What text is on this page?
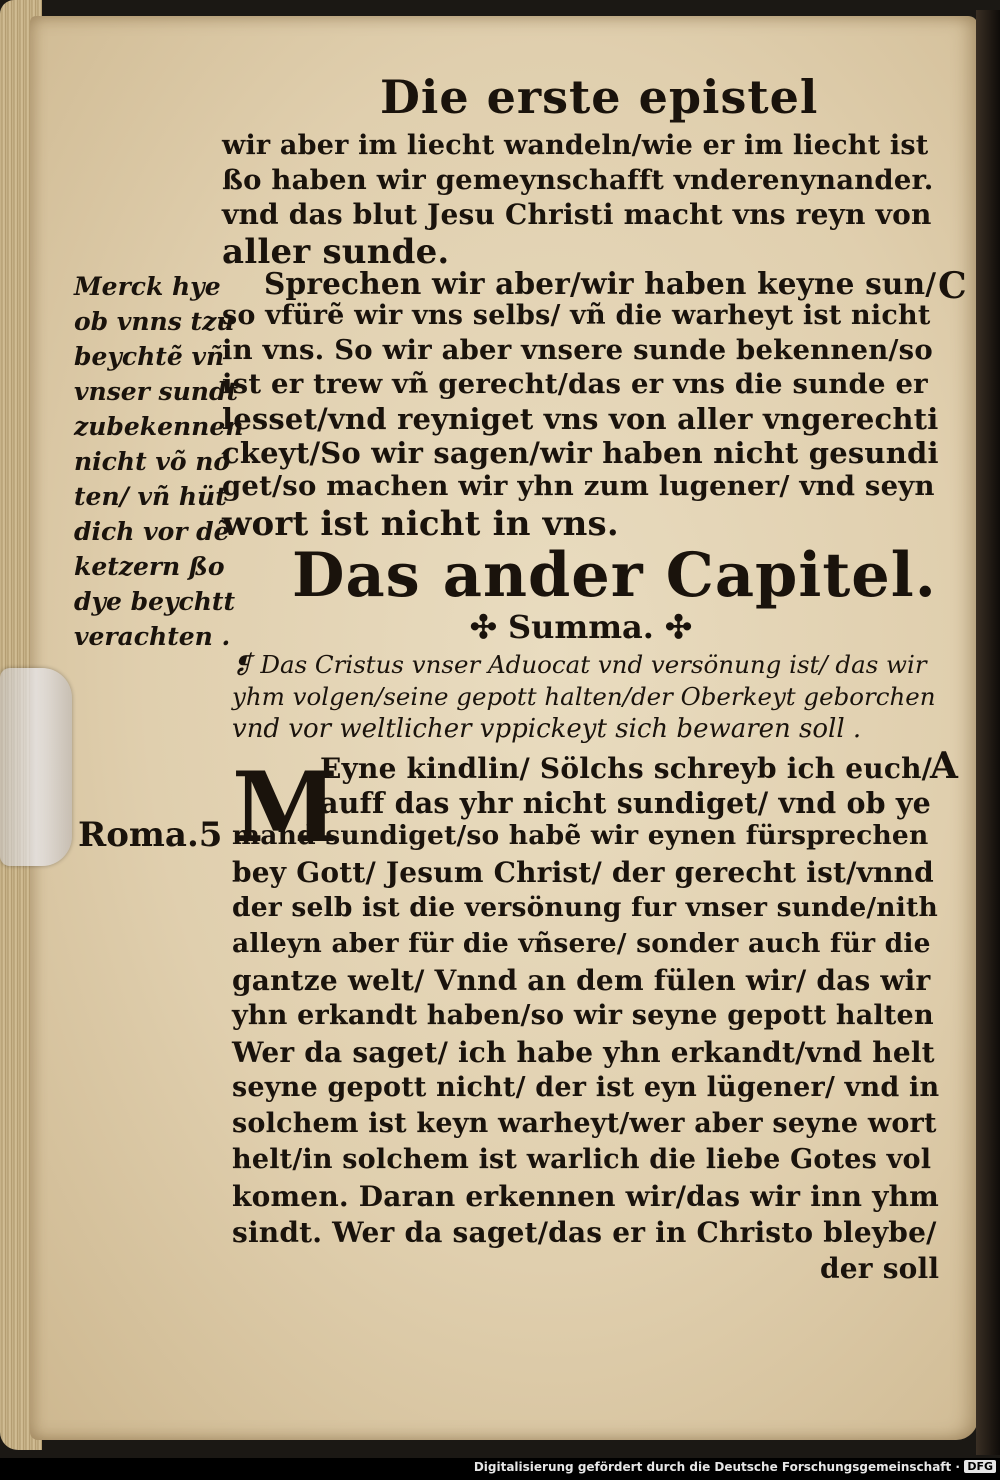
Die erste epistel
wir aber im liecht wandeln/wie er im liecht ist
ßo haben wir gemeynschafft vnderenynander.
vnd das blut Jesu Christi macht vns reyn von
aller sunde.
Sprechen wir aber/wir haben keyne sun/
so vfürẽ wir vns selbs/ vñ die warheyt ist nicht
in vns. So wir aber vnsere sunde bekennen/so
ist er trew vñ gerecht/das er vns die sunde er
lesset/vnd reyniget vns von aller vngerechti
ckeyt/So wir sagen/wir haben nicht gesundi
get/so machen wir yhn zum lugener/ vnd seyn
wort ist nicht in vns.
Merck hye
ob vnns tzu
beychtẽ vñ
vnser sundt
zubekennen
nicht võ nó
ten/ vñ hüt
dich vor dẽ
ketzern ßo
dye beychtt
verachten .
C
A
Das ander Capitel.
✣ Summa. ✣
❡ Das Cristus vnser Aduocat vnd versönung ist/ das wir
yhm volgen/seine gepott halten/der Oberkeyt geborchen
vnd vor weltlicher vppickeyt sich bewaren soll .
M
Eyne kindlin/ Sölchs schreyb ich euch/
auff das yhr nicht sundiget/ vnd ob ye
mand sundiget/so habẽ wir eynen fürsprechen
bey Gott/ Jesum Christ/ der gerecht ist/vnnd
der selb ist die versönung fur vnser sunde/nith
alleyn aber für die vñsere/ sonder auch für die
gantze welt/ Vnnd an dem fülen wir/ das wir
yhn erkandt haben/so wir seyne gepott halten
Wer da saget/ ich habe yhn erkandt/vnd helt
seyne gepott nicht/ der ist eyn lügener/ vnd in
solchem ist keyn warheyt/wer aber seyne wort
helt/in solchem ist warlich die liebe Gotes vol
komen. Daran erkennen wir/das wir inn yhm
sindt. Wer da saget/das er in Christo bleybe/
der soll
Roma.5
Digitalisierung gefördert durch die Deutsche Forschungsgemeinschaft · DFG
